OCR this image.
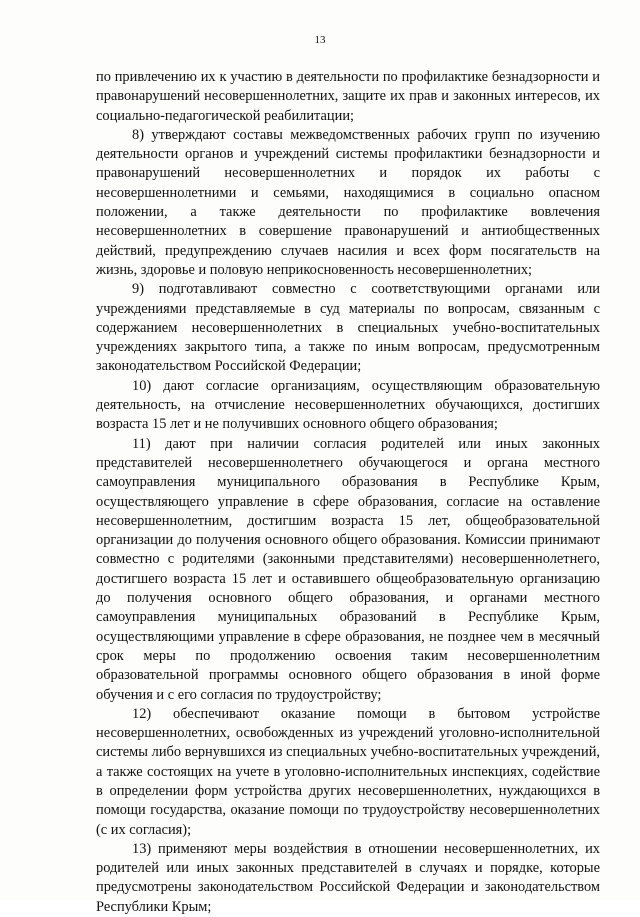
13

по привлечению их к участию в деятельности по профилактике безнадзорности и правонарушений несовершеннолетних, защите их прав и законных интересов, их социально-педагогической реабилитации;

8) утверждают составы межведомственных рабочих групп по изучению деятельности органов и учреждений системы профилактики безнадзорности и правонарушений несовершеннолетних и порядок их работы с несовершеннолетними и семьями, находящимися в социально опасном положении, а также деятельности по профилактике вовлечения несовершеннолетних в совершение правонарушений и антиобщественных действий, предупреждению случаев насилия и всех форм посягательств на жизнь, здоровье и половую неприкосновенность несовершеннолетних;

9) подготавливают совместно с соответствующими органами или учреждениями представляемые в суд материалы по вопросам, связанным с содержанием несовершеннолетних в специальных учебно-воспитательных учреждениях закрытого типа, а также по иным вопросам, предусмотренным законодательством Российской Федерации;

10) дают согласие организациям, осуществляющим образовательную деятельность, на отчисление несовершеннолетних обучающихся, достигших возраста 15 лет и не получивших основного общего образования;

11) дают при наличии согласия родителей или иных законных представителей несовершеннолетнего обучающегося и органа местного самоуправления муниципального образования в Республике Крым, осуществляющего управление в сфере образования, согласие на оставление несовершеннолетним, достигшим возраста 15 лет, общеобразовательной организации до получения основного общего образования. Комиссии принимают совместно с родителями (законными представителями) несовершеннолетнего, достигшего возраста 15 лет и оставившего общеобразовательную организацию до получения основного общего образования, и органами местного самоуправления муниципальных образований в Республике Крым, осуществляющими управление в сфере образования, не позднее чем в месячный срок меры по продолжению освоения таким несовершеннолетним образовательной программы основного общего образования в иной форме обучения и с его согласия по трудоустройству;

12) обеспечивают оказание помощи в бытовом устройстве несовершеннолетних, освобожденных из учреждений уголовно-исполнительной системы либо вернувшихся из специальных учебно-воспитательных учреждений, а также состоящих на учете в уголовно-исполнительных инспекциях, содействие в определении форм устройства других несовершеннолетних, нуждающихся в помощи государства, оказание помощи по трудоустройству несовершеннолетних (с их согласия);

13) применяют меры воздействия в отношении несовершеннолетних, их родителей или иных законных представителей в случаях и порядке, которые предусмотрены законодательством Российской Федерации и законодательством Республики Крым;
